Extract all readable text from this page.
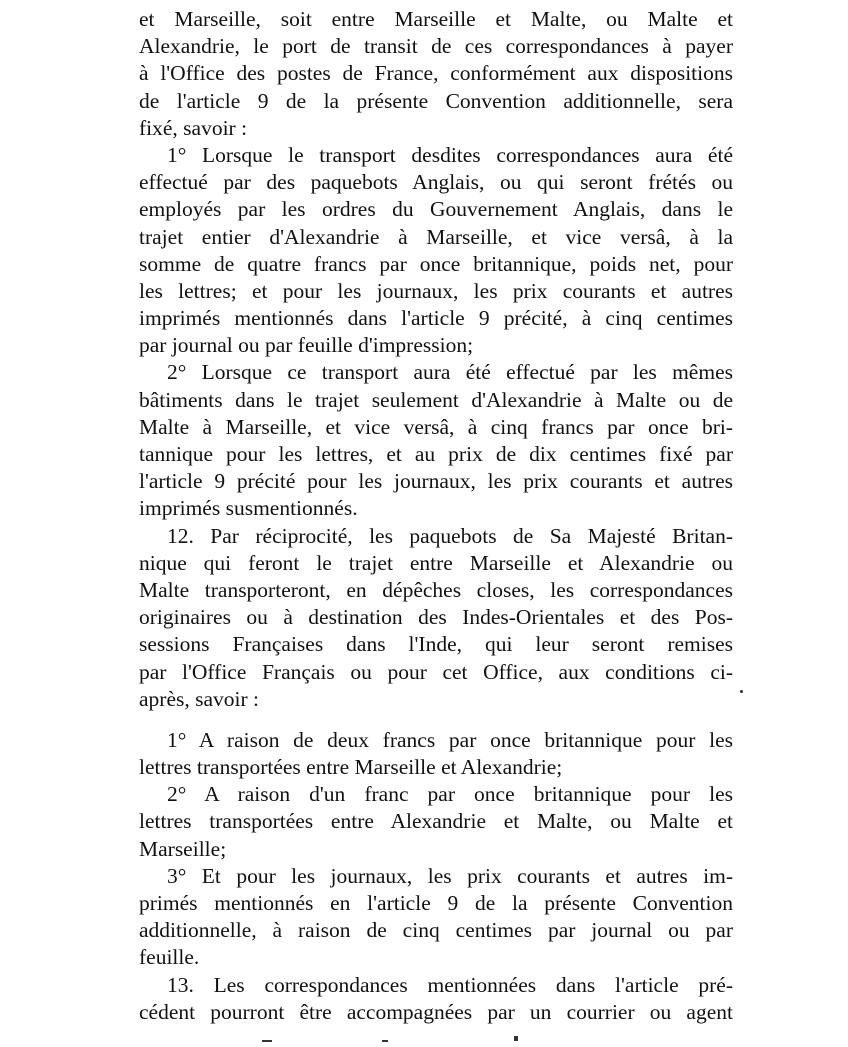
et Marseille, soit entre Marseille et Malte, ou Malte et
Alexandrie, le port de transit de ces correspondances à payer
à l'Office des postes de France, conformément aux dispositions
de l'article 9 de la présente Convention additionnelle, sera
fixé, savoir :
1° Lorsque le transport desdites correspondances aura été
effectué par des paquebots Anglais, ou qui seront frétés ou
employés par les ordres du Gouvernement Anglais, dans le
trajet entier d'Alexandrie à Marseille, et vice versâ, à la
somme de quatre francs par once britannique, poids net, pour
les lettres; et pour les journaux, les prix courants et autres
imprimés mentionnés dans l'article 9 précité, à cinq centimes
par journal ou par feuille d'impression;
2° Lorsque ce transport aura été effectué par les mêmes
bâtiments dans le trajet seulement d'Alexandrie à Malte ou de
Malte à Marseille, et vice versâ, à cinq francs par once bri-
tannique pour les lettres, et au prix de dix centimes fixé par
l'article 9 précité pour les journaux, les prix courants et autres
imprimés susmentionnés.
12. Par réciprocité, les paquebots de Sa Majesté Britan-
nique qui feront le trajet entre Marseille et Alexandrie ou
Malte transporteront, en dépêches closes, les correspondances
originaires ou à destination des Indes-Orientales et des Pos-
sessions Françaises dans l'Inde, qui leur seront remises
par l'Office Français ou pour cet Office, aux conditions ci-
après, savoir :
1° A raison de deux francs par once britannique pour les
lettres transportées entre Marseille et Alexandrie;
2° A raison d'un franc par once britannique pour les
lettres transportées entre Alexandrie et Malte, ou Malte et
Marseille;
3° Et pour les journaux, les prix courants et autres im-
primés mentionnés en l'article 9 de la présente Convention
additionnelle, à raison de cinq centimes par journal ou par
feuille.
13. Les correspondances mentionnées dans l'article pré-
cédent pourront être accompagnées par un courrier ou agent
